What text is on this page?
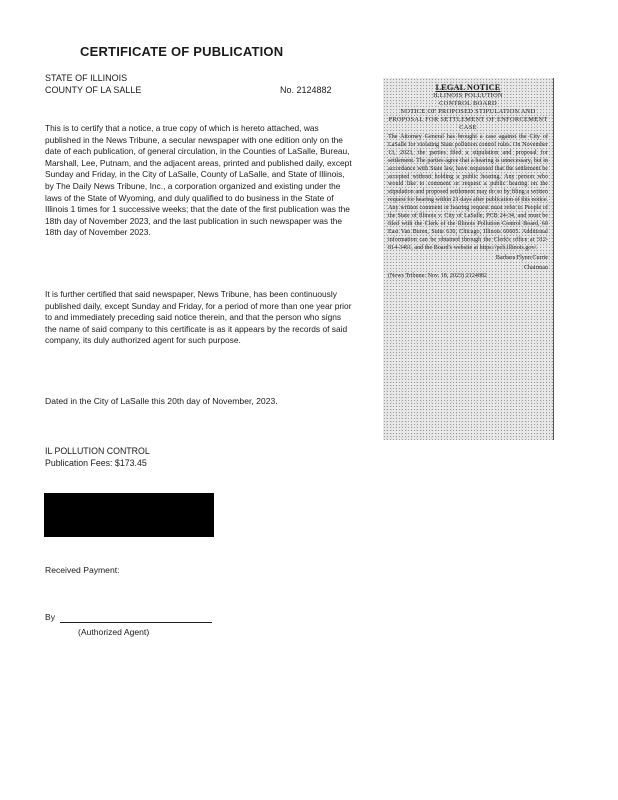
CERTIFICATE OF PUBLICATION
STATE OF ILLINOIS
COUNTY OF LA SALLE	No. 2124882
This is to certify that a notice, a true copy of which is hereto attached, was published in the News Tribune, a secular newspaper with one edition only on the date of each publication, of general circulation, in the Counties of LaSalle, Bureau, Marshall, Lee, Putnam, and the adjacent areas, printed and published daily, except Sunday and Friday, in the City of LaSalle, County of LaSalle, and State of Illinois, by The Daily News Tribune, Inc., a corporation organized and existing under the laws of the State of Wyoming, and duly qualified to do business in the State of Illinois 1 times for 1 successive weeks; that the date of the first publication was the 18th day of November 2023, and the last publication in such newspaper was the 18th day of November 2023.
It is further certified that said newspaper, News Tribune, has been continuously published daily, except Sunday and Friday, for a period of more than one year prior to and immediately preceding said notice therein, and that the person who signs the name of said company to this certificate is as it appears by the records of said company, its duly authorized agent for such purpose.
Dated in the City of LaSalle this 20th day of November, 2023.
IL POLLUTION CONTROL
Publication Fees: $173.45
Received Payment:
By
(Authorized Agent)
LEGAL NOTICE
ILLINOIS POLLUTION
CONTROL BOARD
NOTICE OF PROPOSED STIPULATION AND PROPOSAL FOR SETTLEMENT OF ENFORCEMENT CASE
The Attorney General has brought a case against the City of LaSalle for violating State pollution control rules. On November 13, 2023, the parties filed a stipulation and proposal for settlement. The parties agree that a hearing is unnecessary, but in accordance with State law, have requested that the settlement be accepted without holding a public hearing. Any person who would like to comment or request a public hearing on the stipulation and proposed settlement may do so by filing a written request for hearing within 21 days after publication of this notice. Any written comment or hearing request must refer to People of the State of Illinois v. City of LaSalle, PCB 24-34, and must be filed with the Clerk of the Illinois Pollution Control Board, 60 East Van Buren, Suite 630, Chicago, Illinois 60605. Additional information can be obtained through the Clerk's office at 312-814-3461, and the Board's website at https://pcb.illinois.gov/.
Barbara Flynn Currie
Chairman
(News Tribune: Nov. 18, 2023) 2124882
